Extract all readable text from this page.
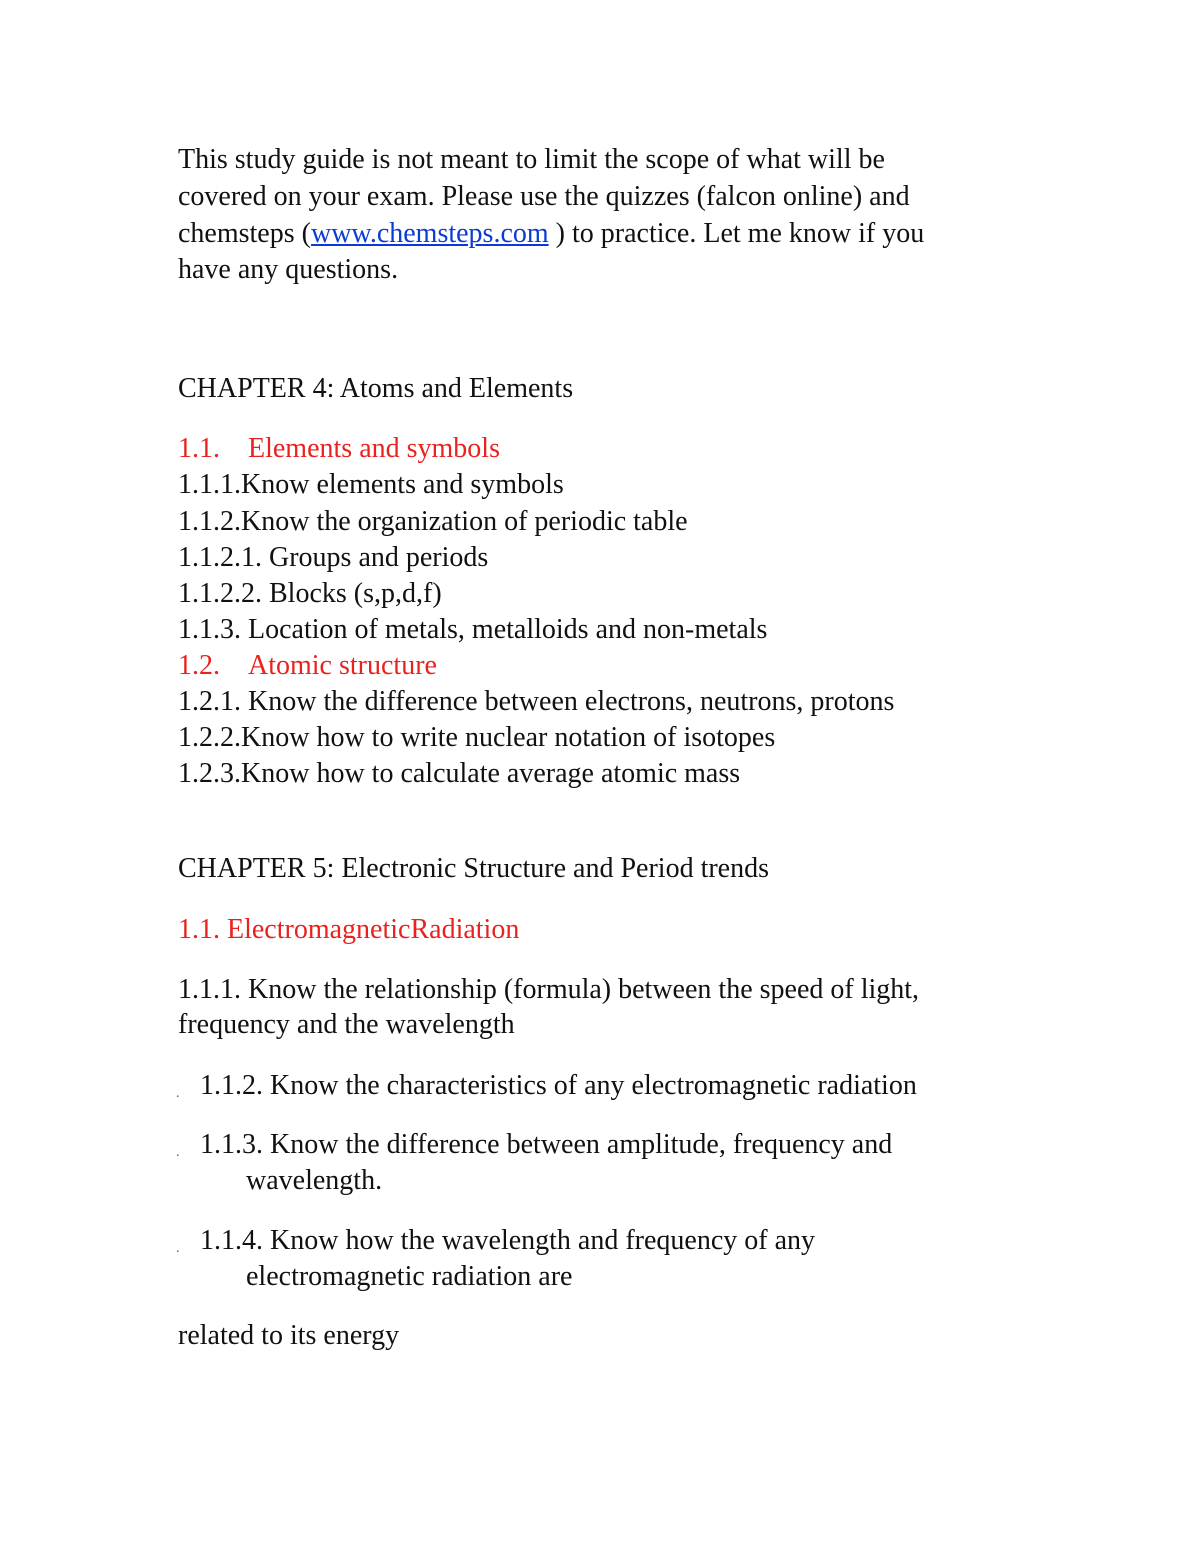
This study guide is not meant to limit the scope of what will be
covered on your exam. Please use the quizzes (falcon online) and
chemsteps (www.chemsteps.com ) to practice. Let me know if you
have any questions.
CHAPTER 4: Atoms and Elements
1.1. Elements and symbols
1.1.1.Know elements and symbols
1.1.2.Know the organization of periodic table
1.1.2.1. Groups and periods
1.1.2.2. Blocks (s,p,d,f)
1.1.3. Location of metals, metalloids and non-metals
1.2. Atomic structure
1.2.1. Know the difference between electrons, neutrons, protons
1.2.2.Know how to write nuclear notation of isotopes
1.2.3.Know how to calculate average atomic mass
CHAPTER 5: Electronic Structure and Period trends
1.1. ElectromagneticRadiation
1.1.1. Know the relationship (formula) between the speed of light,
frequency and the wavelength
. 1.1.2. Know the characteristics of any electromagnetic radiation
. 1.1.3. Know the difference between amplitude, frequency and
wavelength.
. 1.1.4. Know how the wavelength and frequency of any
electromagnetic radiation are
related to its energy
